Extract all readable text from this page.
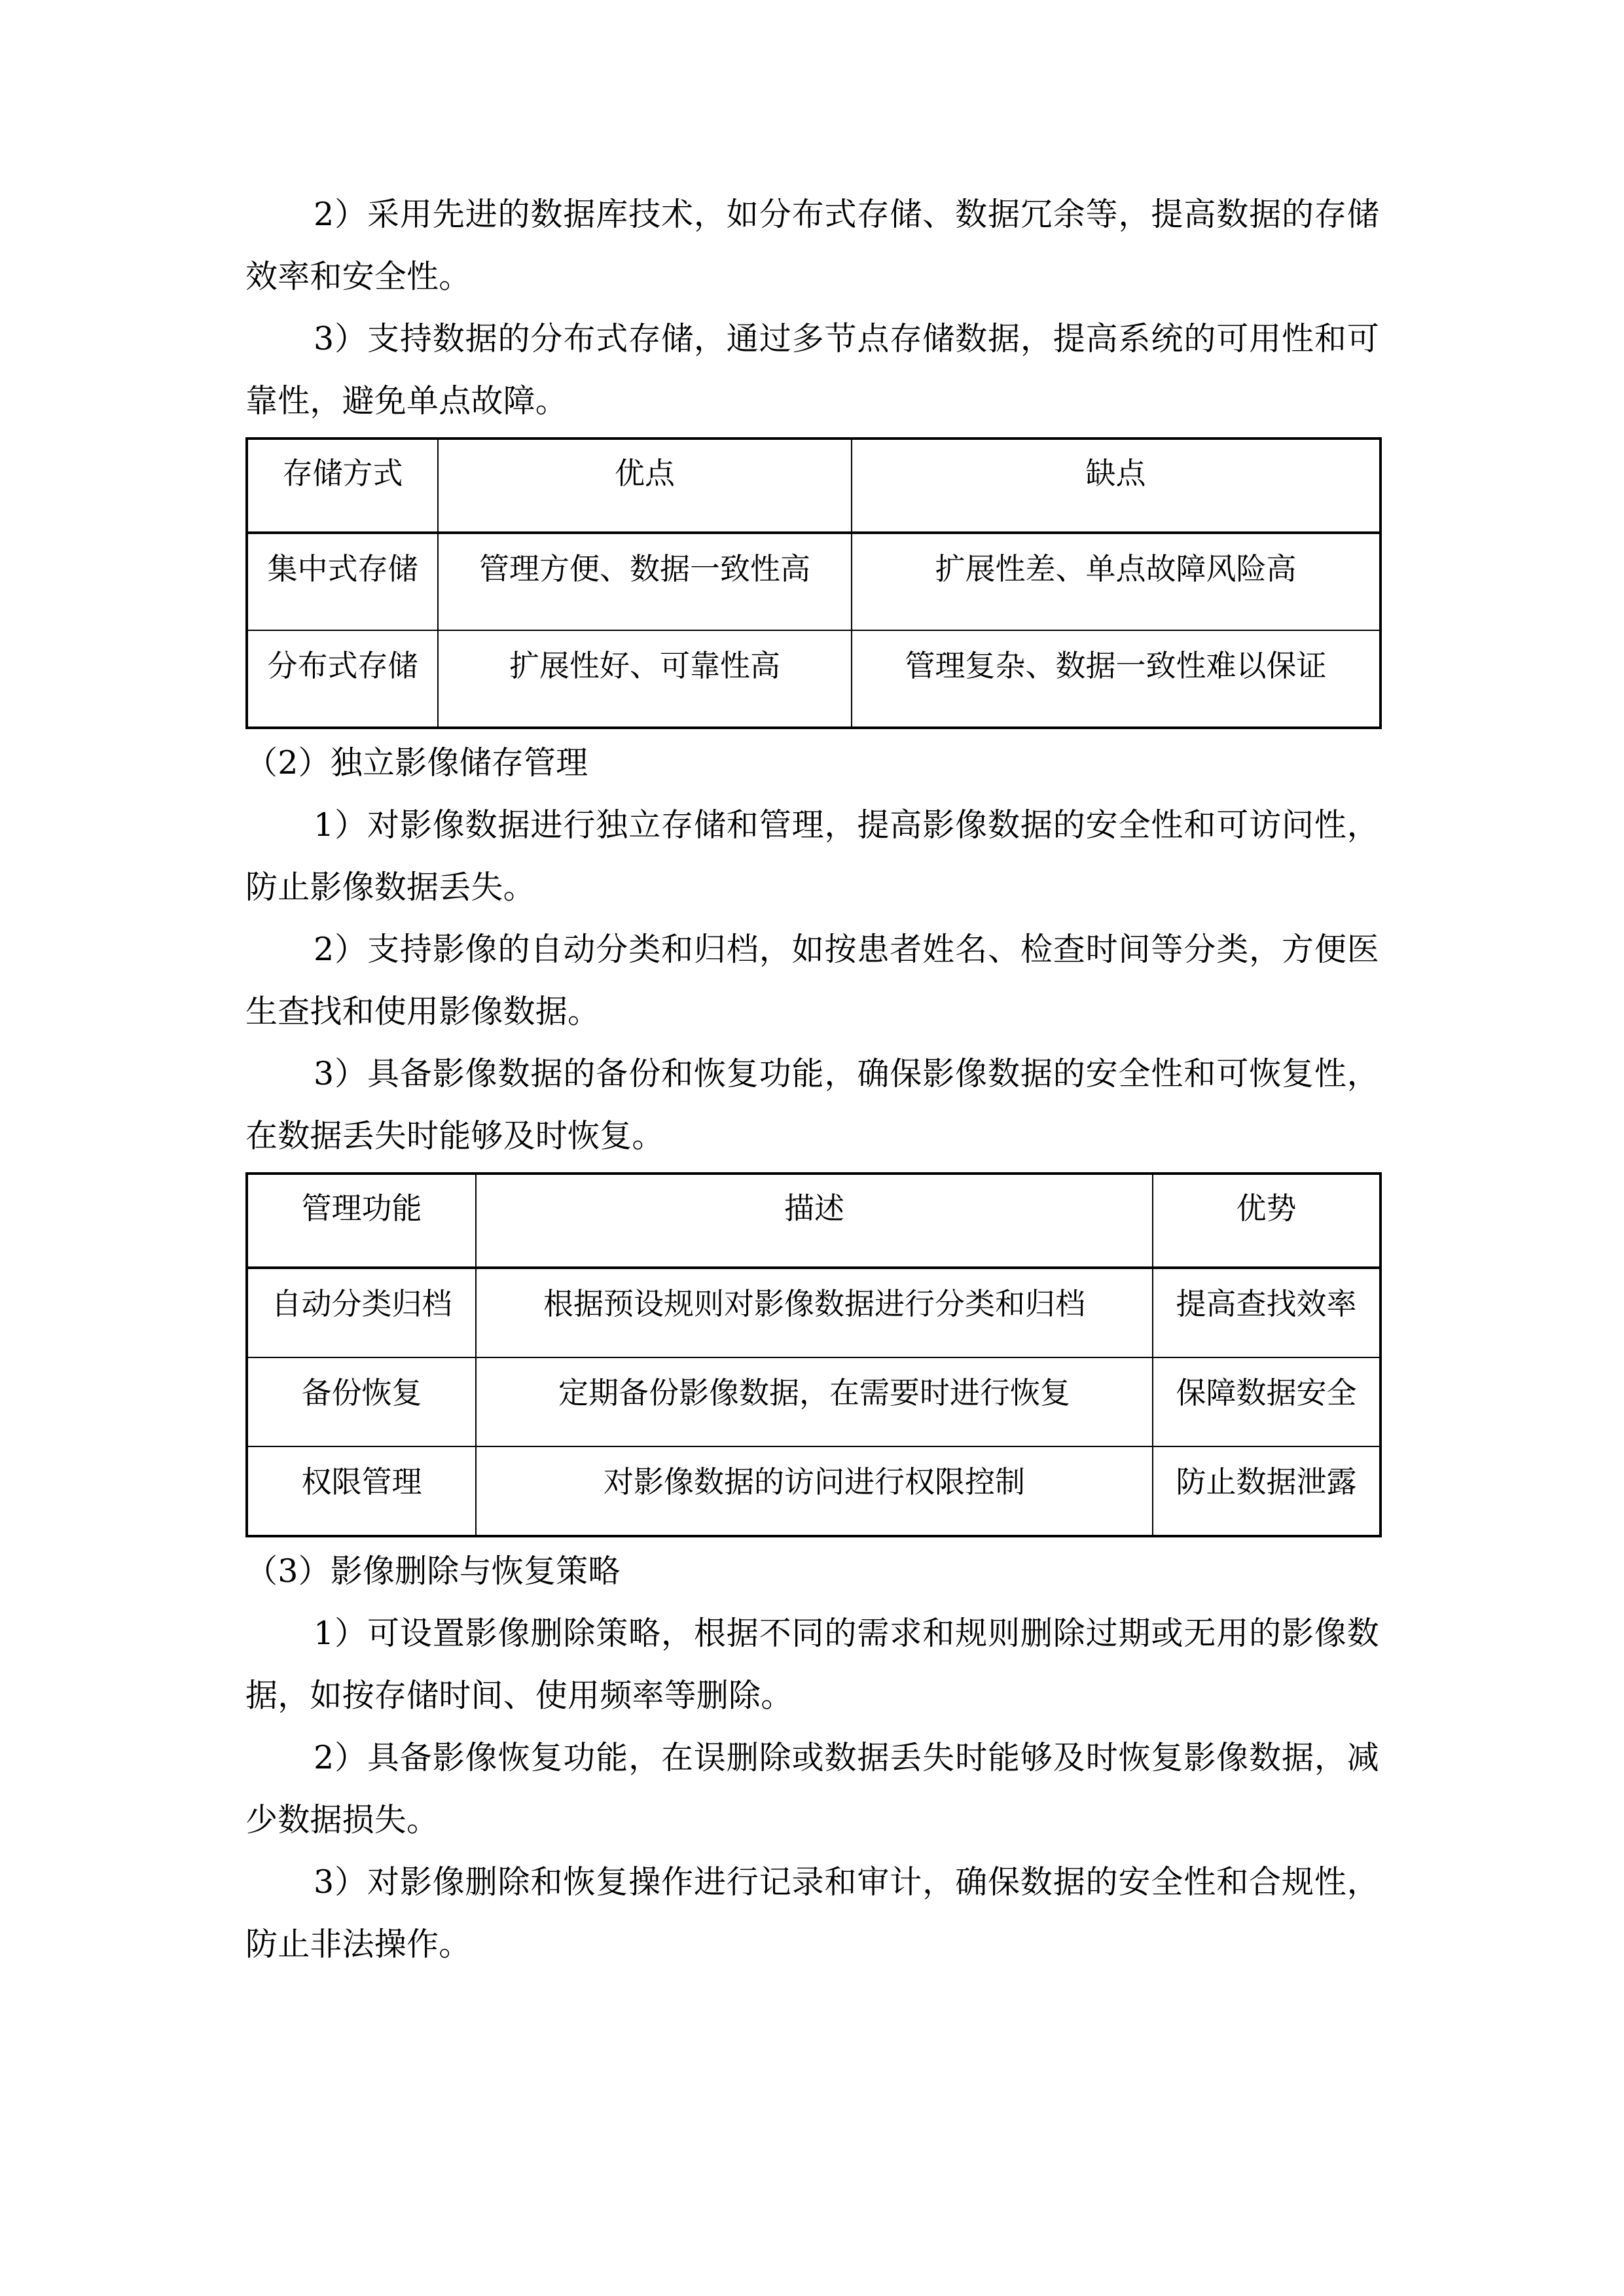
2）采用先进的数据库技术，如分布式存储、数据冗余等，提高数据的存储效率和安全性。

3）支持数据的分布式存储，通过多节点存储数据，提高系统的可用性和可靠性，避免单点故障。

存储方式	优点	缺点
集中式存储	管理方便、数据一致性高	扩展性差、单点故障风险高
分布式存储	扩展性好、可靠性高	管理复杂、数据一致性难以保证

（2）独立影像储存管理

1）对影像数据进行独立存储和管理，提高影像数据的安全性和可访问性，防止影像数据丢失。

2）支持影像的自动分类和归档，如按患者姓名、检查时间等分类，方便医生查找和使用影像数据。

3）具备影像数据的备份和恢复功能，确保影像数据的安全性和可恢复性，在数据丢失时能够及时恢复。

管理功能	描述	优势
自动分类归档	根据预设规则对影像数据进行分类和归档	提高查找效率
备份恢复	定期备份影像数据，在需要时进行恢复	保障数据安全
权限管理	对影像数据的访问进行权限控制	防止数据泄露

（3）影像删除与恢复策略

1）可设置影像删除策略，根据不同的需求和规则删除过期或无用的影像数据，如按存储时间、使用频率等删除。

2）具备影像恢复功能，在误删除或数据丢失时能够及时恢复影像数据，减少数据损失。

3）对影像删除和恢复操作进行记录和审计，确保数据的安全性和合规性，防止非法操作。
